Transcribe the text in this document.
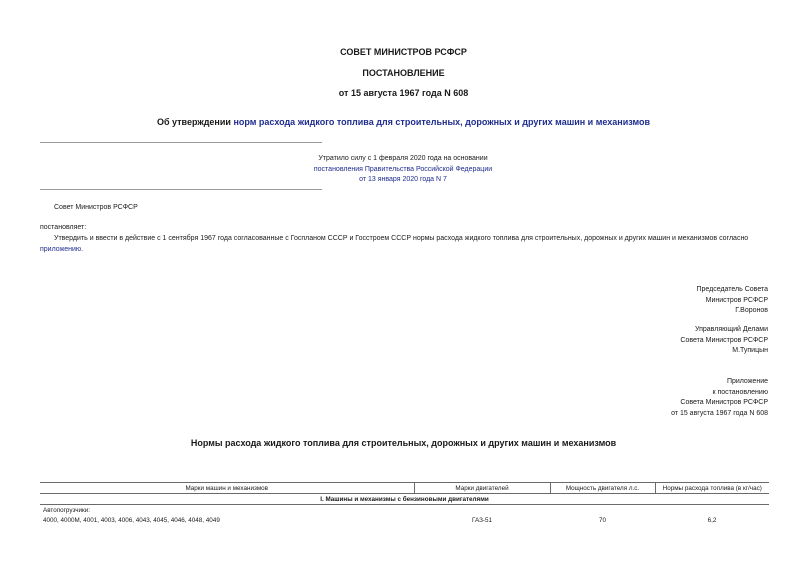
СОВЕТ МИНИСТРОВ РСФСР
ПОСТАНОВЛЕНИЕ
от 15 августа 1967 года N 608
Об утверждении норм расхода жидкого топлива для строительных, дорожных и других машин и механизмов
Утратило силу с 1 февраля 2020 года на основании
постановления Правительства Российской Федерации
от 13 января 2020 года N 7
Совет Министров РСФСР
постановляет:
Утвердить и ввести в действие с 1 сентября 1967 года согласованные с Госпланом СССР и Госстроем СССР нормы расхода жидкого топлива для строительных, дорожных и других машин и механизмов согласно
приложению.
Председатель Совета
Министров РСФСР
Г.Воронов
Управляющий Делами
Совета Министров РСФСР
М.Тупицын
Приложение
к постановлению
Совета Министров РСФСР
от 15 августа 1967 года N 608
Нормы расхода жидкого топлива для строительных, дорожных и других машин и механизмов
Марки машин и механизмов	Марки двигателей	Мощность двигателя л.с.	Нормы расхода топлива (в кг/час)
I. Машины и механизмы с бензиновыми двигателями			
Автопогрузчики:			
4000, 4000М, 4001, 4003, 4006, 4043, 4045, 4046, 4048, 4049	ГАЗ-51	70	6,2
